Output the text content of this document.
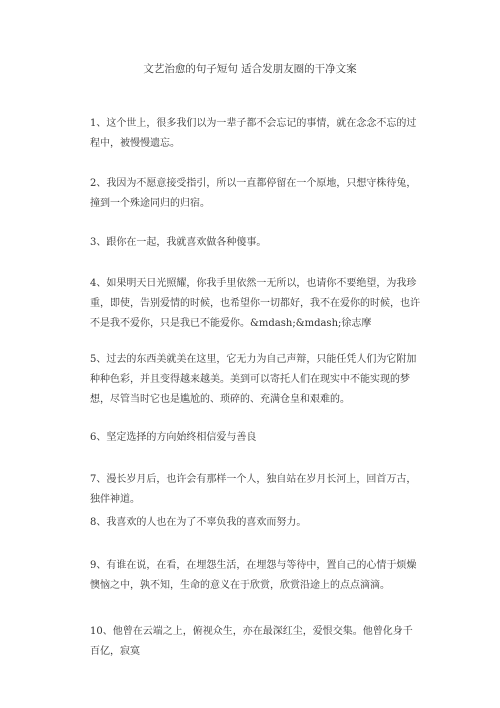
文艺治愈的句子短句 适合发朋友圈的干净文案
1、这个世上，很多我们以为一辈子都不会忘记的事情，就在念念不忘的过程中，被慢慢遗忘。
2、我因为不愿意接受指引，所以一直都停留在一个原地，只想守株待兔，撞到一个殊途同归的归宿。
3、跟你在一起，我就喜欢做各种傻事。
4、如果明天日光照耀，你我手里依然一无所以，也请你不要绝望，为我珍重，即使，告别爱情的时候，也希望你一切都好，我不在爱你的时候，也许不是我不爱你，只是我已不能爱你。&mdash;&mdash;徐志摩
5、过去的东西美就美在这里，它无力为自己声辩，只能任凭人们为它附加种种色彩，并且变得越来越美。美到可以寄托人们在现实中不能实现的梦想，尽管当时它也是尴尬的、琐碎的、充满仓皇和艰难的。
6、坚定选择的方向始终相信爱与善良
7、漫长岁月后，也许会有那样一个人，独自站在岁月长河上，回首万古，独伴神道。
8、我喜欢的人也在为了不辜负我的喜欢而努力。
9、有谁在说，在看，在埋怨生活，在埋怨与等待中，置自己的心情于烦燥懊恼之中，孰不知，生命的意义在于欣赏，欣赏沿途上的点点滴滴。
10、他曾在云端之上，俯视众生，亦在最深红尘，爱恨交集。他曾化身千百亿，寂寞
